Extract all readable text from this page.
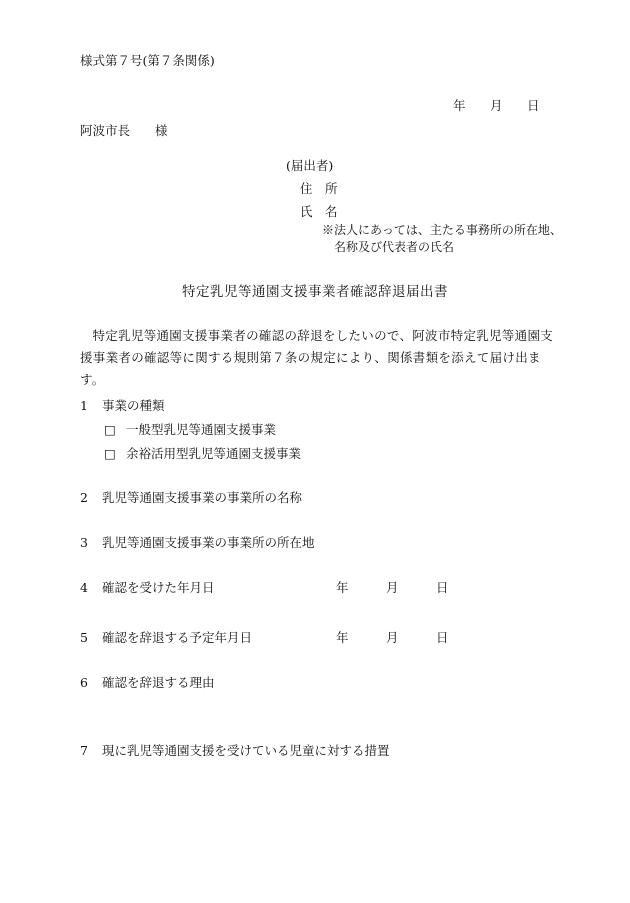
様式第７号(第７条関係)
年 月 日
阿波市長　　様
(届出者)
住　所
氏　名
※法人にあっては、主たる事務所の所在地、
　名称及び代表者の氏名
特定乳児等通園支援事業者確認辞退届出書
特定乳児等通園支援事業者の確認の辞退をしたいので、阿波市特定乳児等通園支援事業者の確認等に関する規則第７条の規定により、関係書類を添えて届け出ます。
1 事業の種類
□ 一般型乳児等通園支援事業
□ 余裕活用型乳児等通園支援事業
2 乳児等通園支援事業の事業所の名称
3 乳児等通園支援事業の事業所の所在地
4 確認を受けた年月日	年	月	日
5 確認を辞退する予定年月日	年	月	日
6 確認を辞退する理由
7 現に乳児等通園支援を受けている児童に対する措置
